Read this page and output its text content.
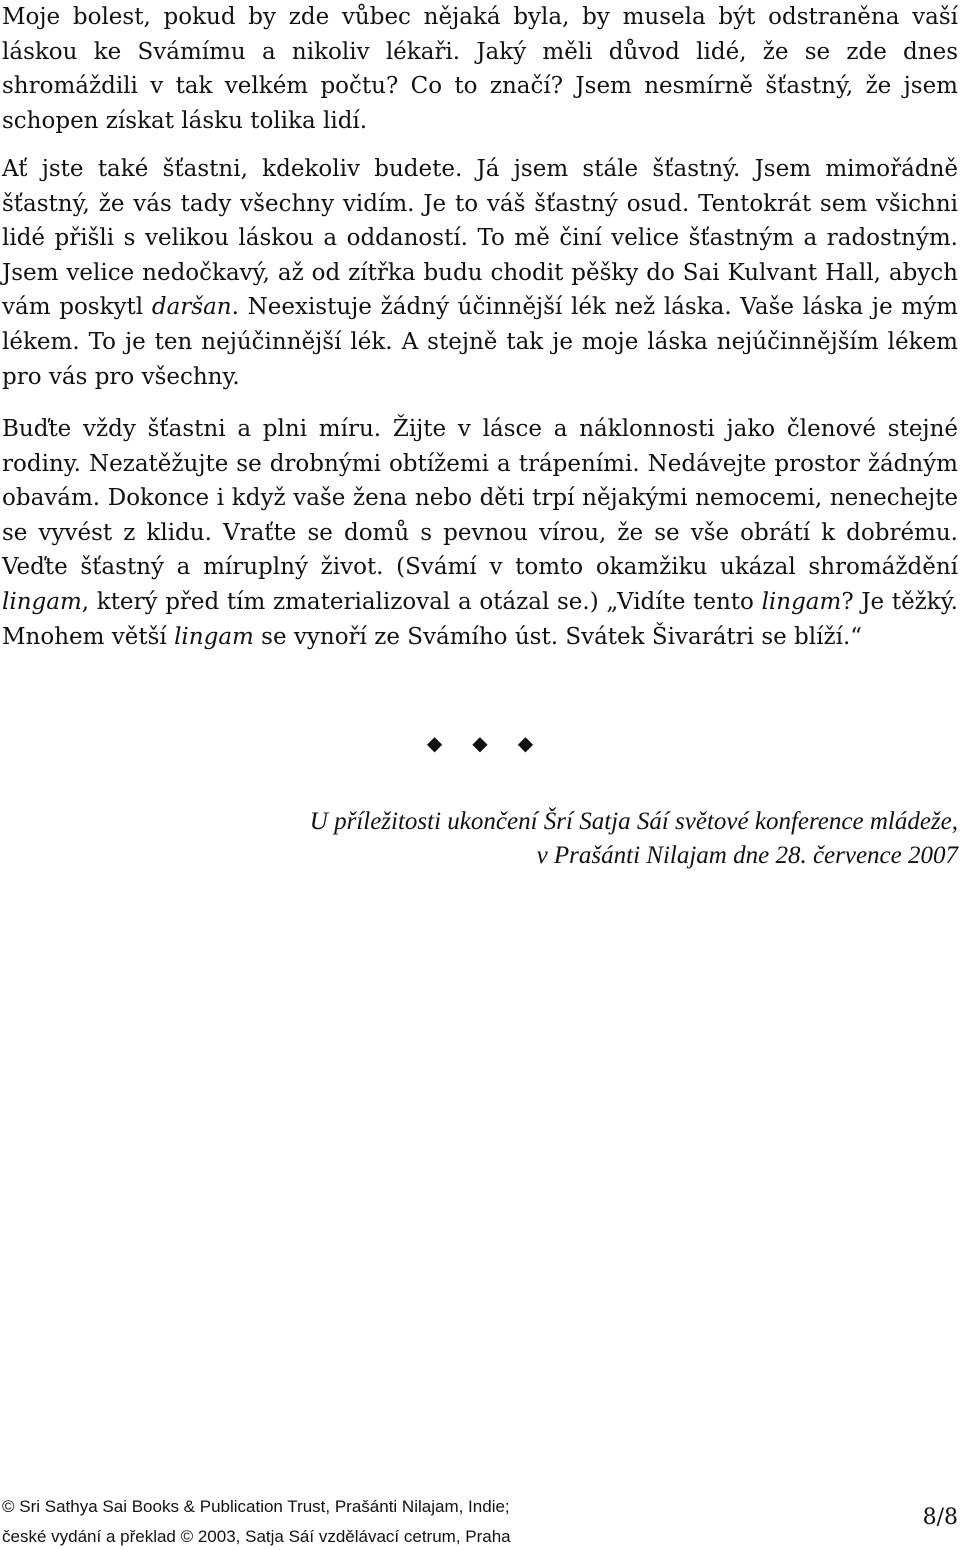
Moje bolest, pokud by zde vůbec nějaká byla, by musela být odstraněna vaší láskou ke Svámímu a nikoliv lékaři. Jaký měli důvod lidé, že se zde dnes shromáždili v tak velkém počtu? Co to značí? Jsem nesmírně šťastný, že jsem schopen získat lásku tolika lidí.

Ať jste také šťastni, kdekoliv budete. Já jsem stále šťastný. Jsem mimořádně šťastný, že vás tady všechny vidím. Je to váš šťastný osud. Tentokrát sem všichni lidé přišli s velikou láskou a oddaností. To mě činí velice šťastným a radostným. Jsem velice nedočkavý, až od zítřka budu chodit pěšky do Sai Kulvant Hall, abych vám poskytl daršan. Neexistuje žádný účinnější lék než láska. Vaše láska je mým lékem. To je ten nejúčinnější lék. A stejně tak je moje láska nejúčinnějším lékem pro vás pro všechny.

Buďte vždy šťastni a plni míru. Žijte v lásce a náklonnosti jako členové stejné rodiny. Nezatěžujte se drobnými obtížemi a trápeními. Nedávejte prostor žádným obavám. Dokonce i když vaše žena nebo děti trpí nějakými nemocemi, nenechejte se vyvést z klidu. Vraťte se domů s pevnou vírou, že se vše obrátí k dobrému. Veďte šťastný a míruplný život. (Svámí v tomto okamžiku ukázal shromáždění lingam, který před tím zmaterializoval a otázal se.) „Vidíte tento lingam? Je těžký. Mnohem větší lingam se vynoří ze Svámího úst. Svátek Šivarátri se blíží.“

◆ ◆ ◆
U příležitosti ukončení Šrí Satja Sáí světové konference mládeže,
v Prašánti Nilajam dne 28. července 2007
© Sri Sathya Sai Books & Publication Trust, Prašánti Nilajam, Indie;
české vydání a překlad © 2003, Satja Sáí vzdělávací cetrum, Praha
8/8
